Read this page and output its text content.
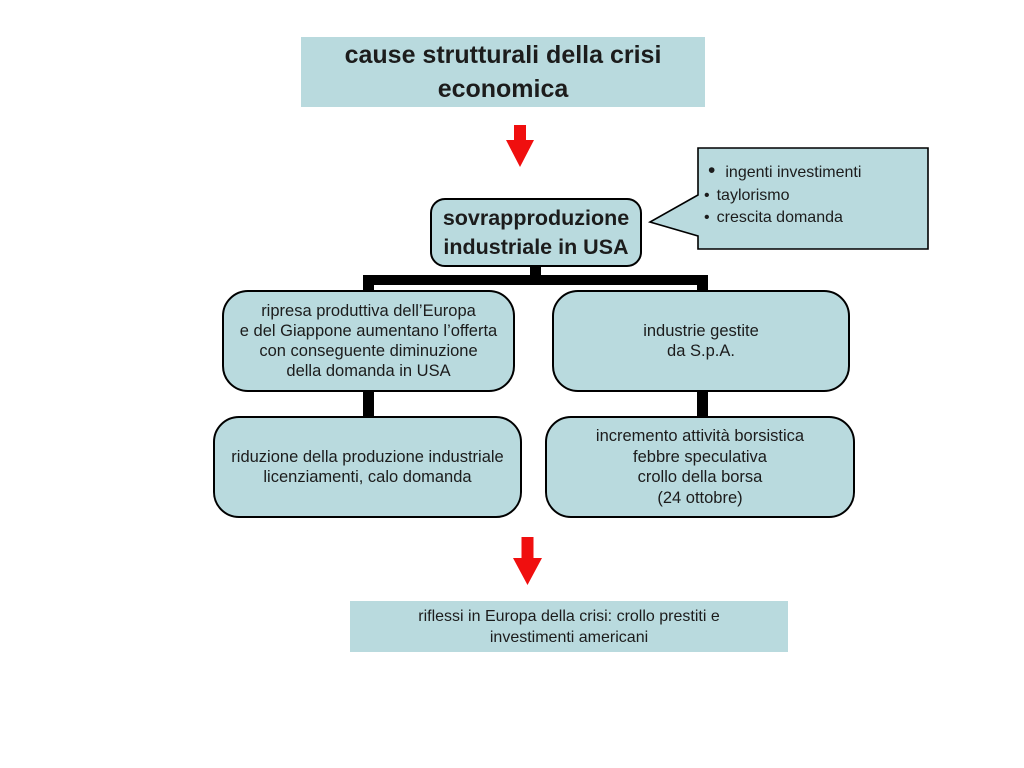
cause strutturali della crisi
economica
sovrapproduzione
industriale in USA
• ingenti investimenti
• taylorismo
• crescita domanda
ripresa produttiva dell’Europa
e del Giappone aumentano l’offerta
con conseguente diminuzione
della domanda in USA
industrie gestite
da S.p.A.
riduzione della produzione industriale
licenziamenti, calo domanda
incremento attività borsistica
febbre speculativa
crollo della borsa
(24 ottobre)
riflessi in Europa della crisi: crollo prestiti e
investimenti americani
